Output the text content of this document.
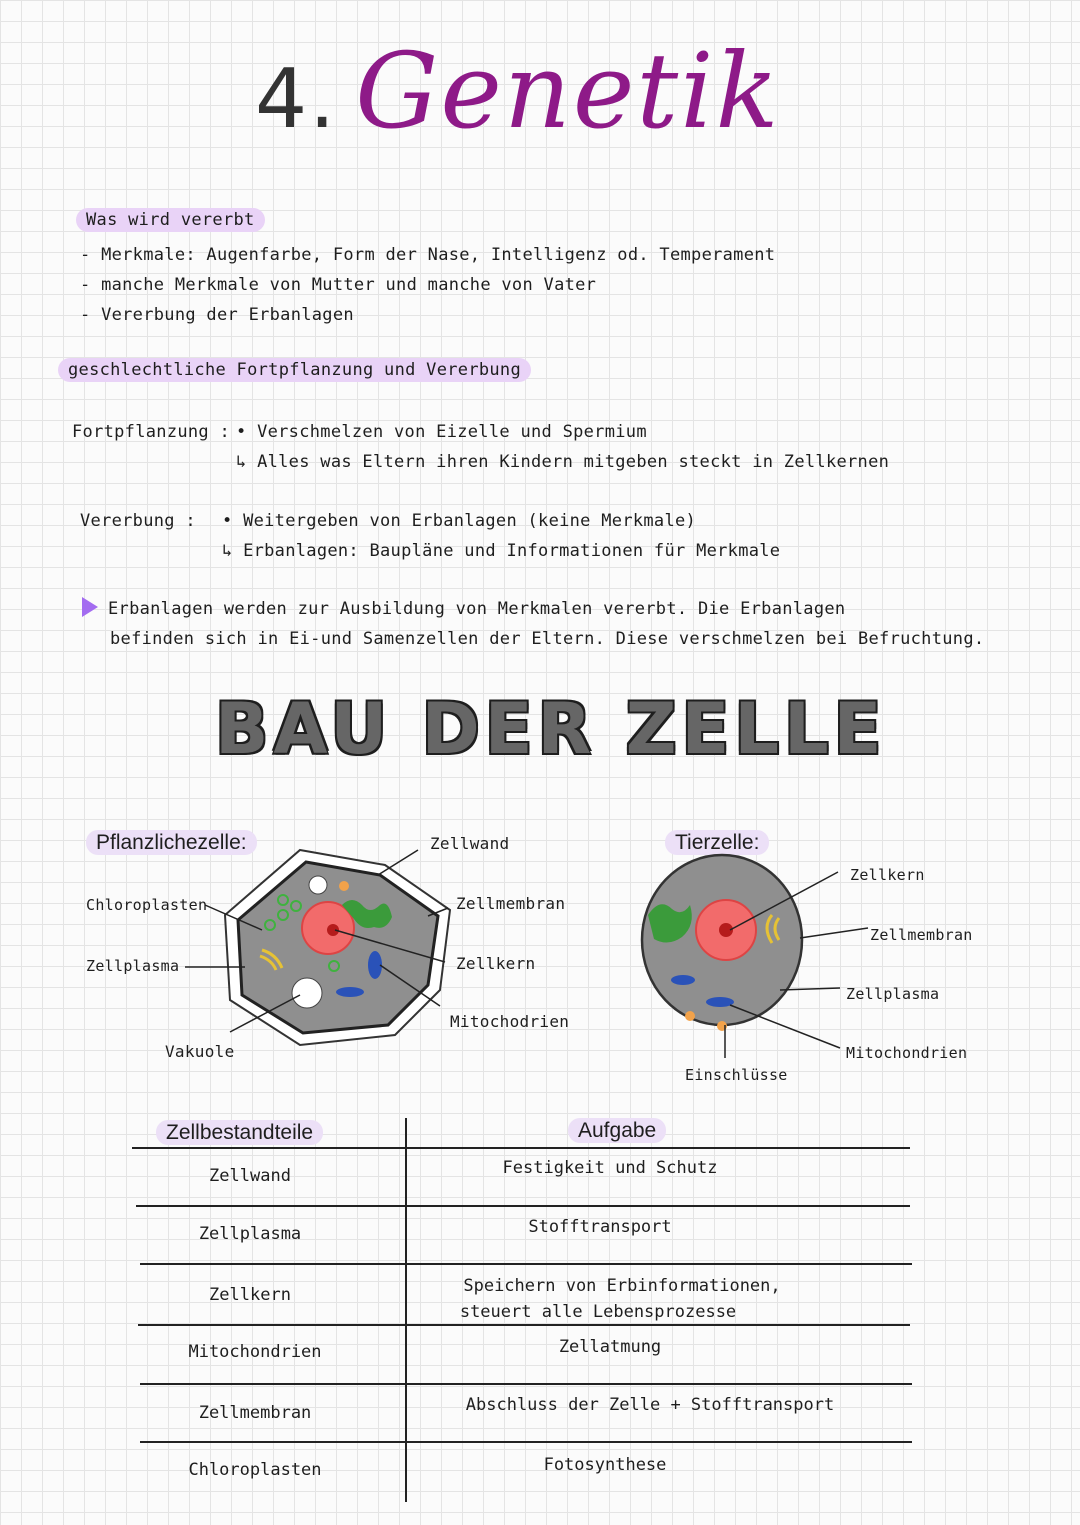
4. Genetik
Was wird vererbt
- Merkmale: Augenfarbe, Form der Nase, Intelligenz od. Temperament
- manche Merkmale von Mutter und manche von Vater
- Vererbung der Erbanlagen
geschlechtliche Fortpflanzung und Vererbung
Fortpflanzung : • Verschmelzen von Eizelle und Spermium
↳ Alles was Eltern ihren Kindern mitgeben steckt in Zellkernen
Vererbung : • Weitergeben von Erbanlagen (keine Merkmale)
↳ Erbanlagen: Baupläne und Informationen für Merkmale
Erbanlagen werden zur Ausbildung von Merkmalen vererbt. Die Erbanlagen
befinden sich in Ei-und Samenzellen der Eltern. Diese verschmelzen bei Befruchtung.
BAU DER ZELLE
Pflanzlichezelle:	Tierzelle:
Chloroplasten
Zellplasma
Vakuole
Zellwand
Zellmembran
Zellkern
Mitochodrien
Zellkern
Zellmembran
Zellplasma
Mitochondrien
Einschlüsse
Zellbestandteile	Aufgabe
Zellwand
Zellplasma
Zellkern
Mitochondrien
Zellmembran
Chloroplasten
Festigkeit und Schutz
Stofftransport
Speichern von Erbinformationen,
steuert alle Lebensprozesse
Zellatmung
Abschluss der Zelle + Stofftransport
Fotosynthese
